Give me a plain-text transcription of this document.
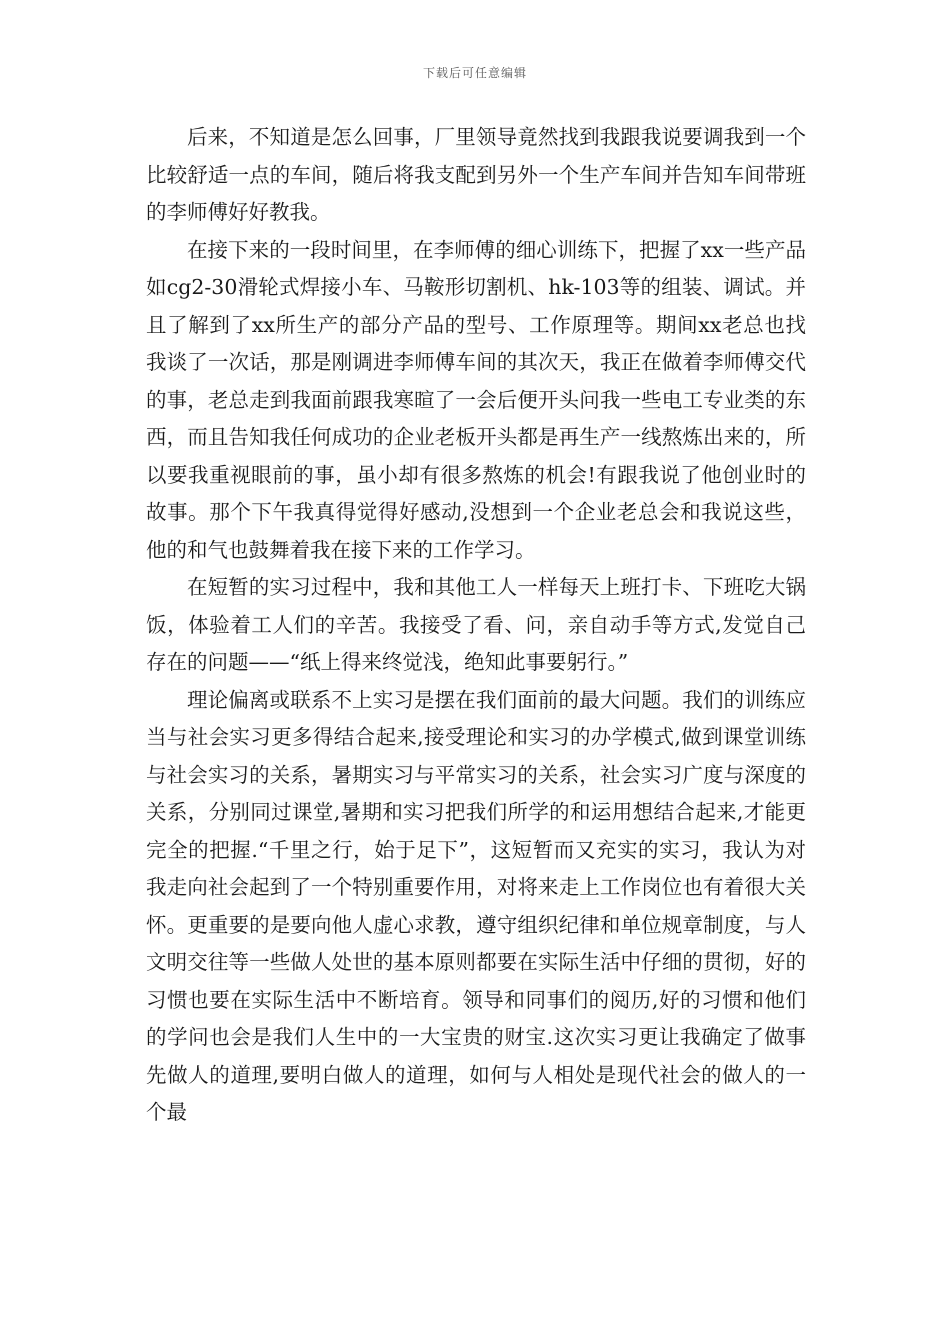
下载后可任意编辑

后来，不知道是怎么回事，厂里领导竟然找到我跟我说要调我到一个比较舒适一点的车间，随后将我支配到另外一个生产车间并告知车间带班的李师傅好好教我。

在接下来的一段时间里，在李师傅的细心训练下，把握了xx一些产品如cg2-30滑轮式焊接小车、马鞍形切割机、hk-103等的组装、调试。并且了解到了xx所生产的部分产品的型号、工作原理等。期间xx老总也找我谈了一次话，那是刚调进李师傅车间的其次天，我正在做着李师傅交代的事，老总走到我面前跟我寒暄了一会后便开头问我一些电工专业类的东西，而且告知我任何成功的企业老板开头都是再生产一线熬炼出来的，所以要我重视眼前的事，虽小却有很多熬炼的机会!有跟我说了他创业时的故事。那个下午我真得觉得好感动,没想到一个企业老总会和我说这些，他的和气也鼓舞着我在接下来的工作学习。

在短暂的实习过程中，我和其他工人一样每天上班打卡、下班吃大锅饭，体验着工人们的辛苦。我接受了看、问，亲自动手等方式,发觉自己存在的问题——“纸上得来终觉浅，绝知此事要躬行。”

理论偏离或联系不上实习是摆在我们面前的最大问题。我们的训练应当与社会实习更多得结合起来,接受理论和实习的办学模式,做到课堂训练与社会实习的关系，暑期实习与平常实习的关系，社会实习广度与深度的关系，分别同过课堂,暑期和实习把我们所学的和运用想结合起来,才能更完全的把握.“千里之行，始于足下”，这短暂而又充实的实习，我认为对我走向社会起到了一个特别重要作用，对将来走上工作岗位也有着很大关怀。更重要的是要向他人虚心求教，遵守组织纪律和单位规章制度，与人文明交往等一些做人处世的基本原则都要在实际生活中仔细的贯彻，好的习惯也要在实际生活中不断培育。领导和同事们的阅历,好的习惯和他们的学问也会是我们人生中的一大宝贵的财宝.这次实习更让我确定了做事先做人的道理,要明白做人的道理，如何与人相处是现代社会的做人的一个最
